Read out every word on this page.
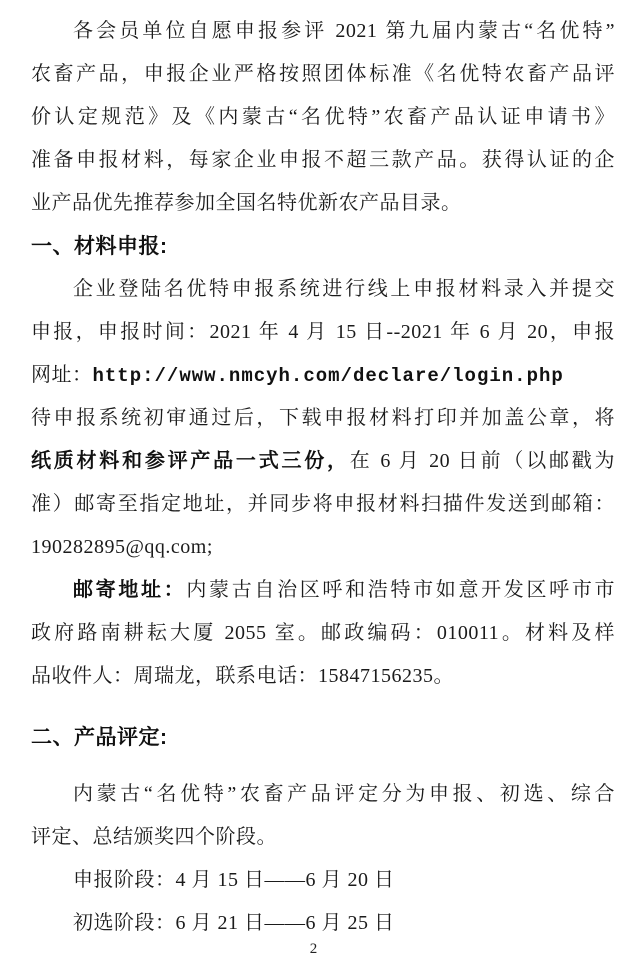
各会员单位自愿申报参评 2021 第九届内蒙古“名优特”
农畜产品，申报企业严格按照团体标准《名优特农畜产品评
价认定规范》及《内蒙古“名优特”农畜产品认证申请书》
准备申报材料，每家企业申报不超三款产品。获得认证的企
业产品优先推荐参加全国名特优新农产品目录。
一、材料申报:
企业登陆名优特申报系统进行线上申报材料录入并提交
申报，申报时间：2021 年 4 月 15 日--2021 年 6 月 20，申报
网址：http://www.nmcyh.com/declare/login.php
待申报系统初审通过后，下载申报材料打印并加盖公章，将
纸质材料和参评产品一式三份，在 6 月 20 日前（以邮戳为
准）邮寄至指定地址，并同步将申报材料扫描件发送到邮箱：
190282895@qq.com;
邮寄地址：内蒙古自治区呼和浩特市如意开发区呼市市
政府路南耕耘大厦 2055 室。邮政编码：010011。材料及样
品收件人：周瑞龙，联系电话：15847156235。
二、产品评定:
内蒙古“名优特”农畜产品评定分为申报、初选、综合
评定、总结颁奖四个阶段。
申报阶段：4 月 15 日——6 月 20 日
初选阶段：6 月 21 日——6 月 25 日
2
